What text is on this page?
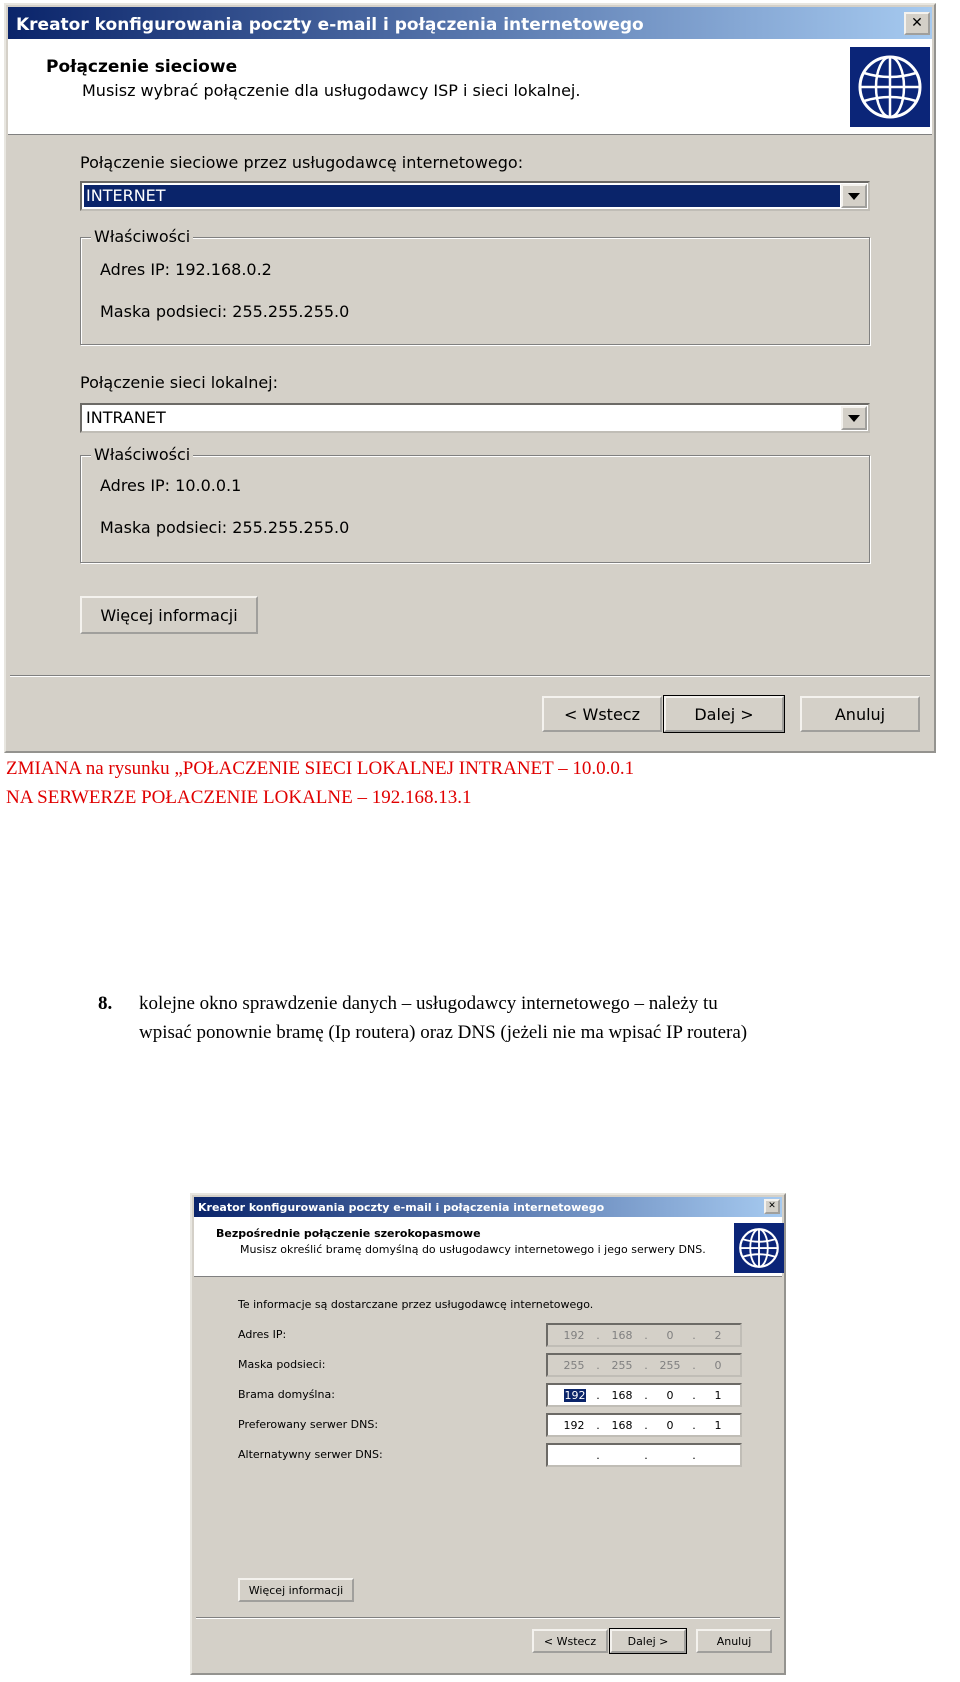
Kreator konfigurowania poczty e-mail i połączenia internetowego	✕
Połączenie sieciowe
Musisz wybrać połączenie dla usługodawcy ISP i sieci lokalnej.
Połączenie sieciowe przez usługodawcę internetowego:
INTERNET
Właściwości
Adres IP: 192.168.0.2
Maska podsieci: 255.255.255.0
Połączenie sieci lokalnej:
INTRANET
Właściwości
Adres IP: 10.0.0.1
Maska podsieci: 255.255.255.0
Więcej informacji
< Wstecz	Dalej >	Anuluj
ZMIANA na rysunku „POŁACZENIE SIECI LOKALNEJ INTRANET – 10.0.0.1
NA SERWERZE POŁACZENIE LOKALNE – 192.168.13.1
8. kolejne okno sprawdzenie danych – usługodawcy internetowego – należy tu
wpisać ponownie bramę (Ip routera) oraz DNS (jeżeli nie ma wpisać IP routera)
Kreator konfigurowania poczty e-mail i połączenia internetowego	✕
Bezpośrednie połączenie szerokopasmowe
Musisz określić bramę domyślną do usługodawcy internetowego i jego serwery DNS.
Te informacje są dostarczane przez usługodawcę internetowego.
Adres IP:	192	.	168	.	0	.	2
Maska podsieci:	255	.	255	.	255	.	0
Brama domyślna:	192 .	168	.	0	.	1
Preferowany serwer DNS:	192	.	168	.	0	.	1
Alternatywny serwer DNS:	.	.	.
Więcej informacji
< Wstecz	Dalej >	Anuluj
